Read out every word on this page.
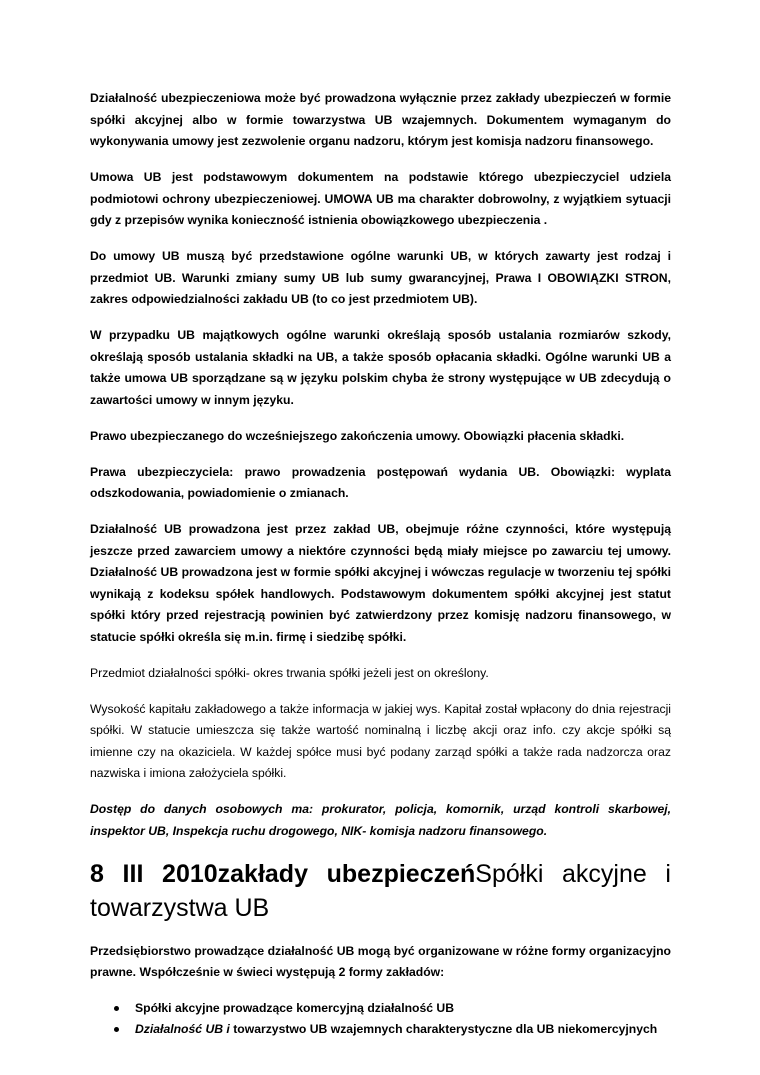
Działalność ubezpieczeniowa może być prowadzona wyłącznie przez zakłady ubezpieczeń w formie spółki akcyjnej albo w formie towarzystwa UB wzajemnych. Dokumentem wymaganym do wykonywania umowy jest zezwolenie organu nadzoru, którym jest komisja nadzoru finansowego.

Umowa UB jest podstawowym dokumentem na podstawie którego ubezpieczyciel udziela podmiotowi ochrony ubezpieczeniowej. UMOWA UB ma charakter dobrowolny, z wyjątkiem sytuacji gdy z przepisów wynika konieczność istnienia obowiązkowego ubezpieczenia .

Do umowy UB muszą być przedstawione ogólne warunki UB, w których zawarty jest rodzaj i przedmiot UB. Warunki zmiany sumy UB lub sumy gwarancyjnej, Prawa I OBOWIĄZKI STRON, zakres odpowiedzialności zakładu UB (to co jest przedmiotem UB).

W przypadku UB majątkowych ogólne warunki określają sposób ustalania rozmiarów szkody, określają sposób ustalania składki na UB, a także sposób opłacania składki. Ogólne warunki UB a także umowa UB sporządzane są w języku polskim chyba że strony występujące w UB zdecydują o zawartości umowy w innym języku.

Prawo ubezpieczanego do wcześniejszego zakończenia umowy. Obowiązki płacenia składki.

Prawa ubezpieczyciela: prawo prowadzenia postępowań wydania UB. Obowiązki: wyplata odszkodowania, powiadomienie o zmianach.

Działalność UB prowadzona jest przez zakład UB, obejmuje różne czynności, które występują jeszcze przed zawarciem umowy a niektóre czynności będą miały miejsce po zawarciu tej umowy. Działalność UB prowadzona jest w formie spółki akcyjnej i wówczas regulacje w tworzeniu tej spółki wynikają z kodeksu spółek handlowych. Podstawowym dokumentem spółki akcyjnej jest statut spółki który przed rejestracją powinien być zatwierdzony przez komisję nadzoru finansowego, w statucie spółki określa się m.in. firmę i siedzibę spółki.

Przedmiot działalności spółki- okres trwania spółki jeżeli jest on określony.

Wysokość kapitału zakładowego a także informacja w jakiej wys. Kapitał został wpłacony do dnia rejestracji spółki. W statucie umieszcza się także wartość nominalną i liczbę akcji oraz info. czy akcje spółki są imienne czy na okaziciela. W każdej spółce musi być podany zarząd spółki a także rada nadzorcza oraz nazwiska i imiona założyciela spółki.

Dostęp do danych osobowych ma: prokurator, policja, komornik, urząd kontroli skarbowej, inspektor UB, Inspekcja ruchu drogowego, NIK- komisja nadzoru finansowego.

8 III 2010zakłady ubezpieczeńSpółki akcyjne i towarzystwa UB

Przedsiębiorstwo prowadzące działalność UB mogą być organizowane w różne formy organizacyjno prawne. Współcześnie w świeci występują 2 formy zakładów:

Spółki akcyjne prowadzące komercyjną działalność UB
Działalność UB i towarzystwo UB wzajemnych charakterystyczne dla UB niekomercyjnych
